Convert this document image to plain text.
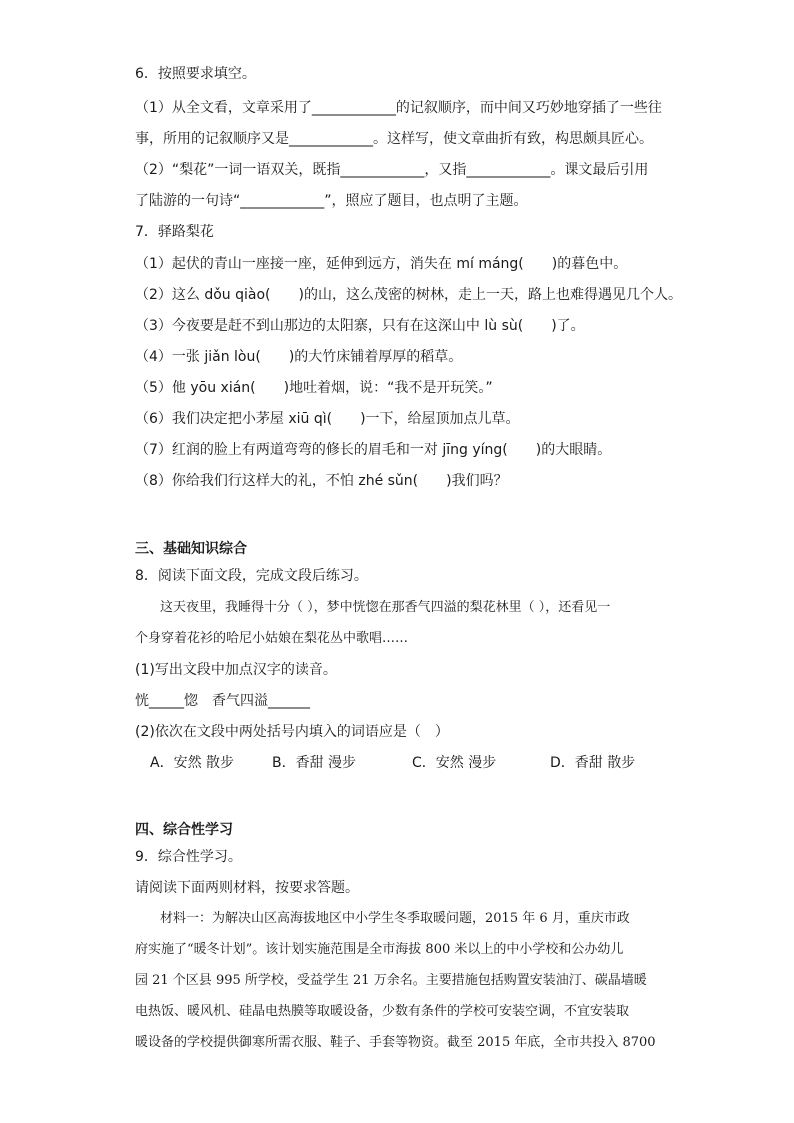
6．按照要求填空。
（1）从全文看，文章采用了____________的记叙顺序，而中间又巧妙地穿插了一些往
事，所用的记叙顺序又是____________。这样写，使文章曲折有致，构思颇具匠心。
（2）“梨花”一词一语双关，既指____________，又指____________。课文最后引用
了陆游的一句诗“____________”，照应了题目，也点明了主题。
7．驿路梨花
（1）起伏的青山一座接一座，延伸到远方，消失在 mí máng(　　)的暮色中。
（2）这么 dǒu qiào(　　)的山，这么茂密的树林，走上一天，路上也难得遇见几个人。
（3）今夜要是赶不到山那边的太阳寨，只有在这深山中 lù sù(　　)了。
（4）一张 jiǎn lòu(　　)的大竹床铺着厚厚的稻草。
（5）他 yōu xián(　　)地吐着烟，说：“我不是开玩笑。”
（6）我们决定把小茅屋 xiū qì(　　)一下，给屋顶加点儿草。
（7）红润的脸上有两道弯弯的修长的眉毛和一对 jīng yíng(　　)的大眼睛。
（8）你给我们行这样大的礼，不怕 zhé sǔn(　　)我们吗？
三、基础知识综合
8．阅读下面文段，完成文段后练习。
这天夜里，我睡得十分（ ），梦中恍惚在那香气四溢的梨花林里（ ），还看见一
个身穿着花衫的哈尼小姑娘在梨花丛中歌唱……
(1)写出文段中加点汉字的读音。
恍_____惚　香气四溢______
(2)依次在文段中两处括号内填入的词语应是（　）
A．安然 散步	B．香甜 漫步	C．安然 漫步	D．香甜 散步
四、综合性学习
9．综合性学习。
请阅读下面两则材料，按要求答题。
材料一：为解决山区高海拔地区中小学生冬季取暖问题，2015 年 6 月，重庆市政
府实施了“暖冬计划”。该计划实施范围是全市海拔 800 米以上的中小学校和公办幼儿
园 21 个区县 995 所学校，受益学生 21 万余名。主要措施包括购置安装油汀、碳晶墙暖
电热饭、暖风机、硅晶电热膜等取暖设备，少数有条件的学校可安装空调，不宜安装取
暖设备的学校提供御寒所需衣服、鞋子、手套等物资。截至 2015 年底，全市共投入 8700
